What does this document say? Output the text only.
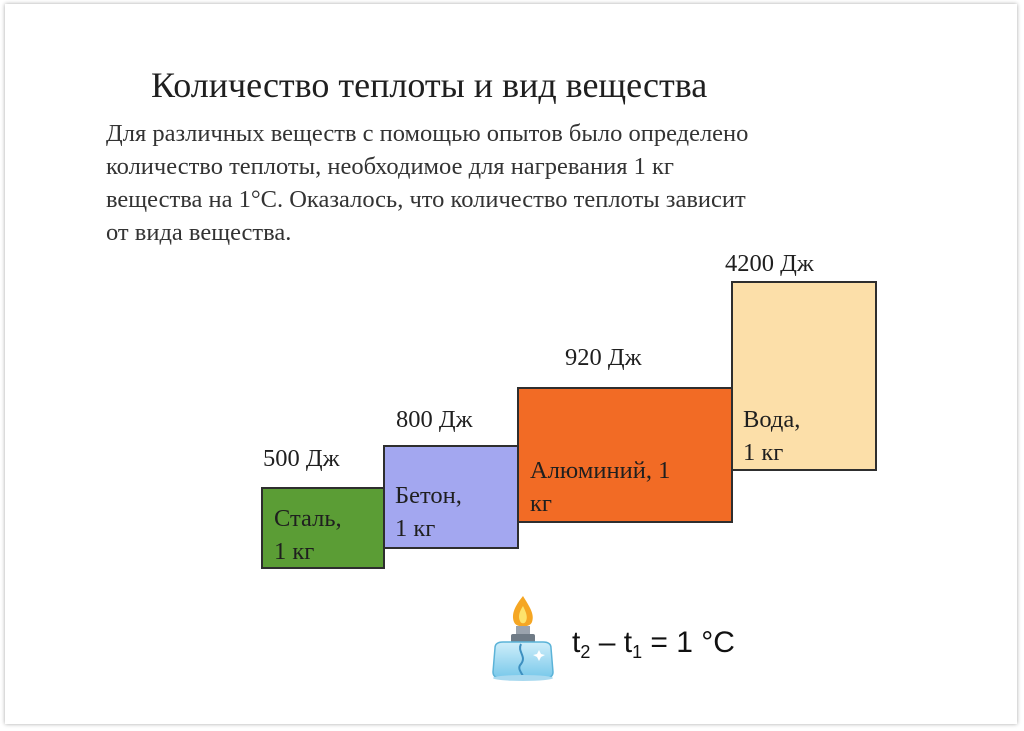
Количество теплоты и вид вещества
Для различных веществ с помощью опытов было определено
количество теплоты, необходимое для нагревания 1 кг
вещества на 1°С. Оказалось, что количество теплоты зависит
от вида вещества.
500 Дж
Сталь,
1 кг
800 Дж
Бетон,
1 кг
920 Дж
Алюминий, 1
кг
4200 Дж
Вода,
1 кг
$t_2 - t_1 = 1$ °C
